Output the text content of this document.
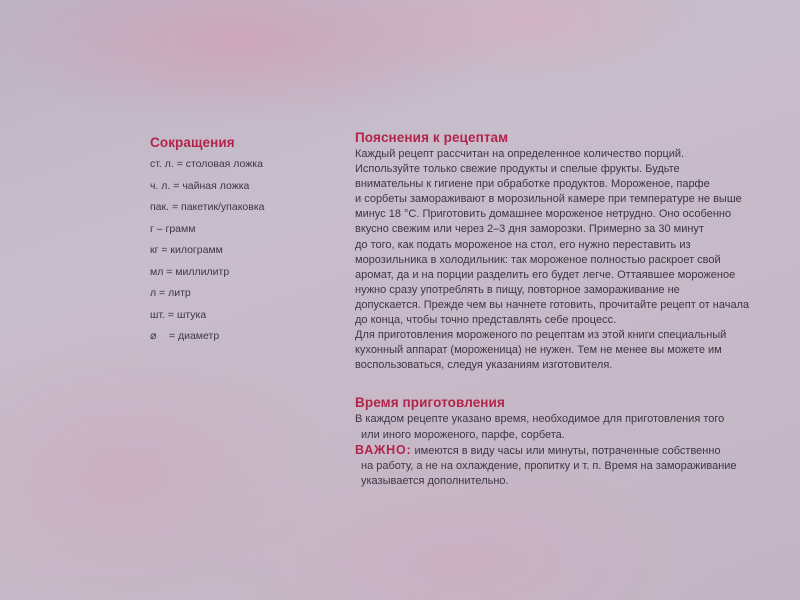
Сокращения
ст. л. = столовая ложка
ч. л. = чайная ложка
пак. = пакетик/упаковка
г – грамм
кг = килограмм
мл = миллилитр
л = литр
шт. = штука
⌀ = диаметр
Пояснения к рецептам

Каждый рецепт рассчитан на определенное количество порций.

Используйте только свежие продукты и спелые фрукты. Будьте

внимательны к гигиене при обработке продуктов. Мороженое, парфе

и сорбеты замораживают в морозильной камере при температуре не выше

минус 18 °С. Приготовить домашнее мороженое нетрудно. Оно особенно

вкусно свежим или через 2–3 дня заморозки. Примерно за 30 минут

до того, как подать мороженое на стол, его нужно переставить из

морозильника в холодильник: так мороженое полностью раскроет свой

аромат, да и на порции разделить его будет легче. Оттаявшее мороженое

нужно сразу употреблять в пищу, повторное замораживание не

допускается. Прежде чем вы начнете готовить, прочитайте рецепт от начала

до конца, чтобы точно представлять себе процесс.

Для приготовления мороженого по рецептам из этой книги специальный

кухонный аппарат (мороженица) не нужен. Тем не менее вы можете им

воспользоваться, следуя указаниям изготовителя.

Время приготовления

В каждом рецепте указано время, необходимое для приготовления того

или иного мороженого, парфе, сорбета.

ВАЖНО: имеются в виду часы или минуты, потраченные собственно

на работу, а не на охлаждение, пропитку и т. п. Время на замораживание

указывается дополнительно.
